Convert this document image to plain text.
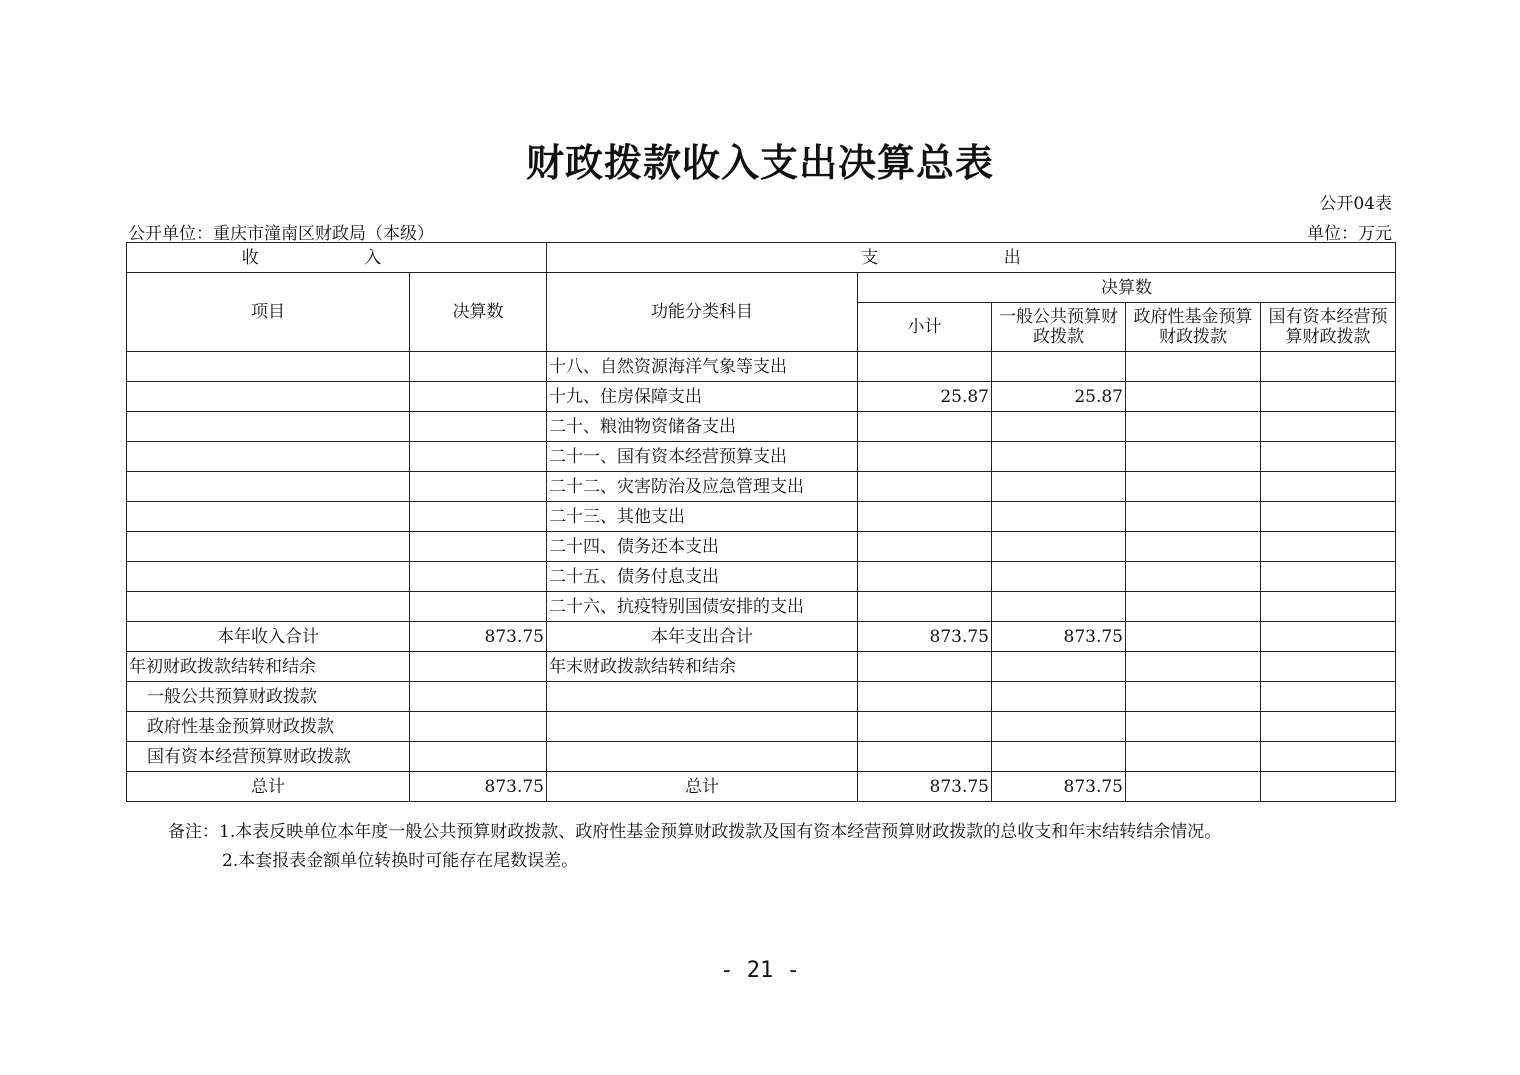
财政拨款收入支出决算总表
公开04表
公开单位：重庆市潼南区财政局（本级）	单位：万元
收 入		支 出				
项目	决算数	功能分类科目	决算数			
			小计	一般公共预算财政拨款	政府性基金预算财政拨款	国有资本经营预算财政拨款
		十八、自然资源海洋气象等支出				
		十九、住房保障支出	25.87	25.87		
		二十、粮油物资储备支出				
		二十一、国有资本经营预算支出				
		二十二、灾害防治及应急管理支出				
		二十三、其他支出				
		二十四、债务还本支出				
		二十五、债务付息支出				
		二十六、抗疫特别国债安排的支出				
本年收入合计	873.75	本年支出合计	873.75	873.75		
年初财政拨款结转和结余		年末财政拨款结转和结余				
一般公共预算财政拨款						
政府性基金预算财政拨款						
国有资本经营预算财政拨款						
总计	873.75	总计	873.75	873.75		
备注：1.本表反映单位本年度一般公共预算财政拨款、政府性基金预算财政拨款及国有资本经营预算财政拨款的总收支和年末结转结余情况。
2.本套报表金额单位转换时可能存在尾数误差。
- 21 -
